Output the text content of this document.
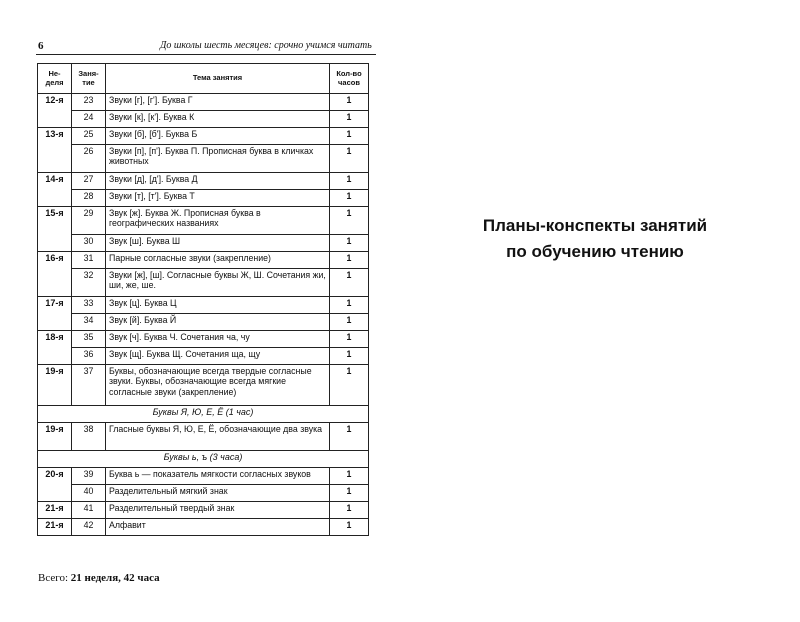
6	До школы шесть месяцев: срочно учимся читать
Не-деля	Заня-тие	Тема занятия	Кол-во часов
12-я	23	Звуки [г], [г']. Буква Г	1
	24	Звуки [к], [к']. Буква К	1
13-я	25	Звуки [б], [б']. Буква Б	1
	26	Звуки [п], [п']. Буква П. Прописная буква в кличках животных	1
14-я	27	Звуки [д], [д']. Буква Д	1
	28	Звуки [т], [т']. Буква Т	1
15-я	29	Звук [ж]. Буква Ж. Прописная буква в географических названиях	1
	30	Звук [ш]. Буква Ш	1
16-я	31	Парные согласные звуки (закрепление)	1
	32	Звуки [ж], [ш]. Согласные буквы Ж, Ш. Сочетания жи, ши, же, ше.	1
17-я	33	Звук [ц]. Буква Ц	1
	34	Звук [й]. Буква Й	1
18-я	35	Звук [ч]. Буква Ч. Сочетания ча, чу	1
	36	Звук [щ]. Буква Щ. Сочетания ща, щу	1
19-я	37	Буквы, обозначающие всегда твердые согласные звуки. Буквы, обозначающие всегда мягкие согласные звуки (закрепление)	1
Буквы Я, Ю, Е, Ё (1 час)			
19-я	38	Гласные буквы Я, Ю, Е, Ё, обозначающие два звука	1
Буквы ь, ъ (3 часа)			
20-я	39	Буква ь — показатель мягкости согласных звуков	1
	40	Разделительный мягкий знак	1
21-я	41	Разделительный твердый знак	1
21-я	42	Алфавит	1
Всего: 21 неделя, 42 часа
Планы-конспекты занятий
по обучению чтению
